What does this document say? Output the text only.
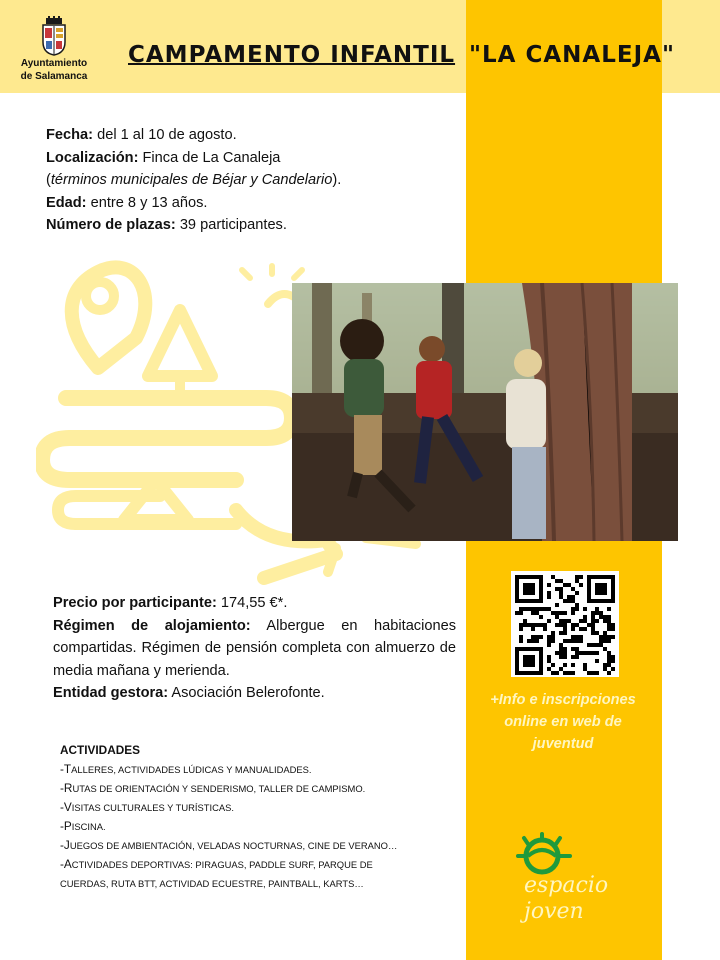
Ayuntamiento
de Salamanca
CAMPAMENTO INFANTIL "LA CANALEJA"
Fecha: del 1 al 10 de agosto.
Localización: Finca de La Canaleja
(términos municipales de Béjar y Candelario).
Edad: entre 8 y 13 años.
Número de plazas: 39 participantes.
Precio por participante: 174,55 €*.
Régimen de alojamiento: Albergue en habitaciones compartidas. Régimen de pensión completa con almuerzo de media mañana y merienda.
Entidad gestora: Asociación Belerofonte.	+Info e inscripciones
online en web de
juventud
ACTIVIDADES
-TALLERES, ACTIVIDADES LÚDICAS Y MANUALIDADES.
-RUTAS DE ORIENTACIÓN Y SENDERISMO, TALLER DE CAMPISMO.
-VISITAS CULTURALES Y TURÍSTICAS.
-PISCINA.
-JUEGOS DE AMBIENTACIÓN, VELADAS NOCTURNAS, CINE DE VERANO…
-ACTIVIDADES DEPORTIVAS: PIRAGUAS, PADDLE SURF, PARQUE DE
CUERDAS, RUTA BTT, ACTIVIDAD ECUESTRE, PAINTBALL, KARTS…	espacio
joven
